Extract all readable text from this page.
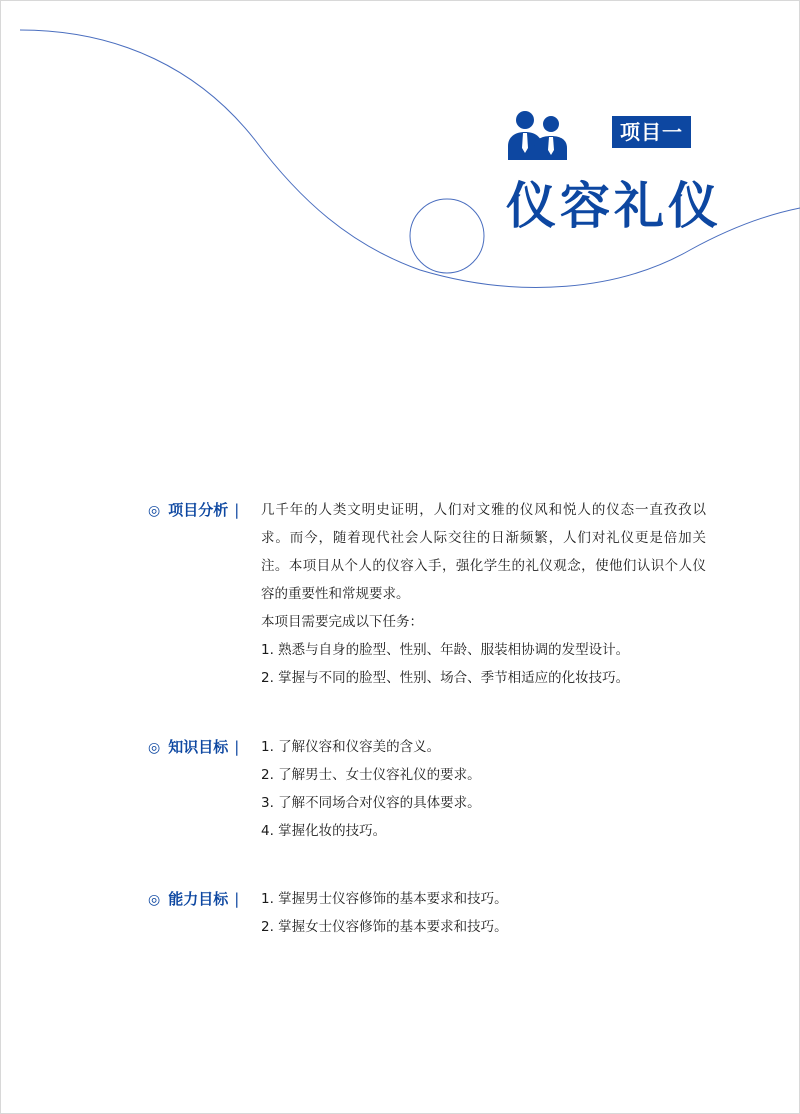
项目一
仪容礼仪
◎ 项目分析 |	几千年的人类文明史证明，人们对文雅的仪风和悦人的仪态一直孜孜以求。而今，随着现代社会人际交往的日渐频繁，人们对礼仪更是倍加关注。本项目从个人的仪容入手，强化学生的礼仪观念，使他们认识个人仪容的重要性和常规要求。

本项目需要完成以下任务：

1. 熟悉与自身的脸型、性别、年龄、服装相协调的发型设计。

2. 掌握与不同的脸型、性别、场合、季节相适应的化妆技巧。

◎ 知识目标 |	1. 了解仪容和仪容美的含义。

2. 了解男士、女士仪容礼仪的要求。

3. 了解不同场合对仪容的具体要求。

4. 掌握化妆的技巧。

◎ 能力目标 |	1. 掌握男士仪容修饰的基本要求和技巧。

2. 掌握女士仪容修饰的基本要求和技巧。
